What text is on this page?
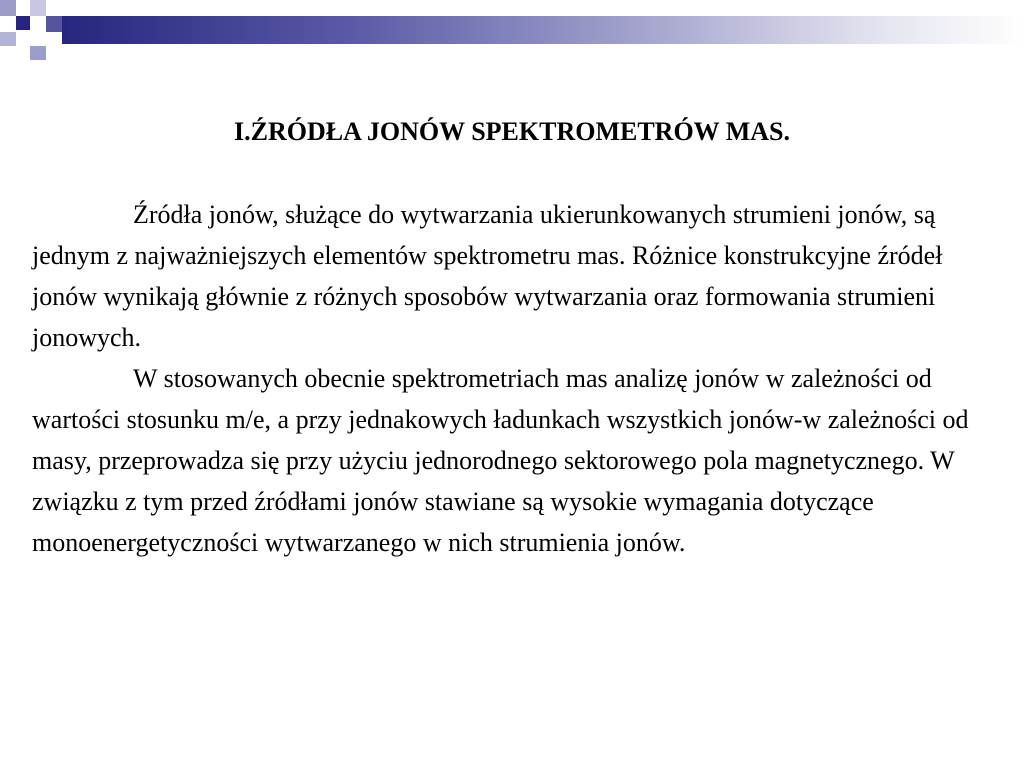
I.ŹRÓDŁA JONÓW SPEKTROMETRÓW MAS.

Źródła jonów, służące do wytwarzania ukierunkowanych strumieni jonów, są jednym z najważniejszych elementów spektrometru mas. Różnice konstrukcyjne źródeł jonów wynikają głównie z różnych sposobów wytwarzania oraz formowania strumieni jonowych.

W stosowanych obecnie spektrometriach mas analizę jonów w zależności od wartości stosunku m/e, a przy jednakowych ładunkach wszystkich jonów-w zależności od masy, przeprowadza się przy użyciu jednorodnego sektorowego pola magnetycznego. W związku z tym przed źródłami jonów stawiane są wysokie wymagania dotyczące monoenergetyczności wytwarzanego w nich strumienia jonów.
